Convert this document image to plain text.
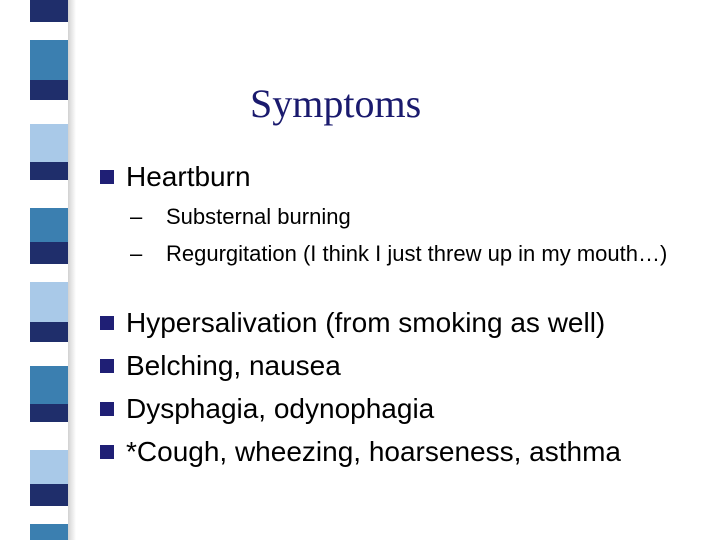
Symptoms
Heartburn
– Substernal burning
– Regurgitation (I think I just threw up in my mouth…)
Hypersalivation (from smoking as well)
Belching, nausea
Dysphagia, odynophagia
*Cough, wheezing, hoarseness, asthma
